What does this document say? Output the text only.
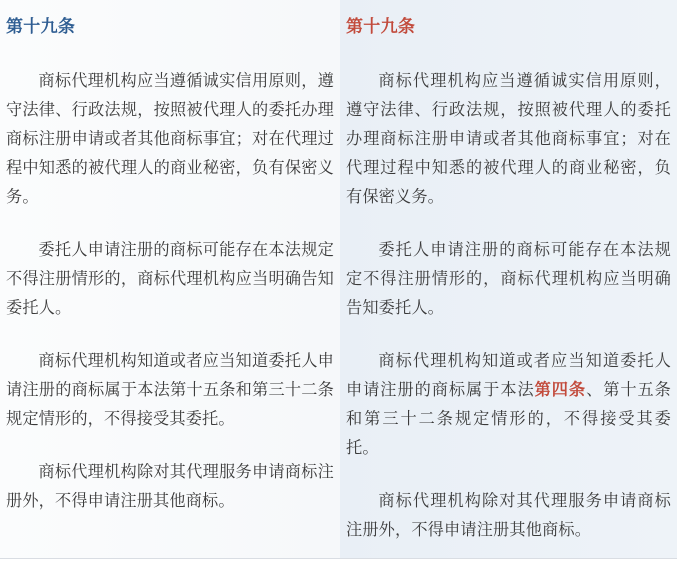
第十九条

商标代理机构应当遵循诚实信用原则，遵守法律、行政法规，按照被代理人的委托办理商标注册申请或者其他商标事宜；对在代理过程中知悉的被代理人的商业秘密，负有保密义务。

委托人申请注册的商标可能存在本法规定不得注册情形的，商标代理机构应当明确告知委托人。

商标代理机构知道或者应当知道委托人申请注册的商标属于本法第十五条和第三十二条规定情形的，不得接受其委托。

商标代理机构除对其代理服务申请商标注册外，不得申请注册其他商标。

第十九条

商标代理机构应当遵循诚实信用原则，遵守法律、行政法规，按照被代理人的委托办理商标注册申请或者其他商标事宜；对在代理过程中知悉的被代理人的商业秘密，负有保密义务。

委托人申请注册的商标可能存在本法规定不得注册情形的，商标代理机构应当明确告知委托人。

商标代理机构知道或者应当知道委托人申请注册的商标属于本法第四条、第十五条和第三十二条规定情形的，不得接受其委托。

商标代理机构除对其代理服务申请商标注册外，不得申请注册其他商标。
